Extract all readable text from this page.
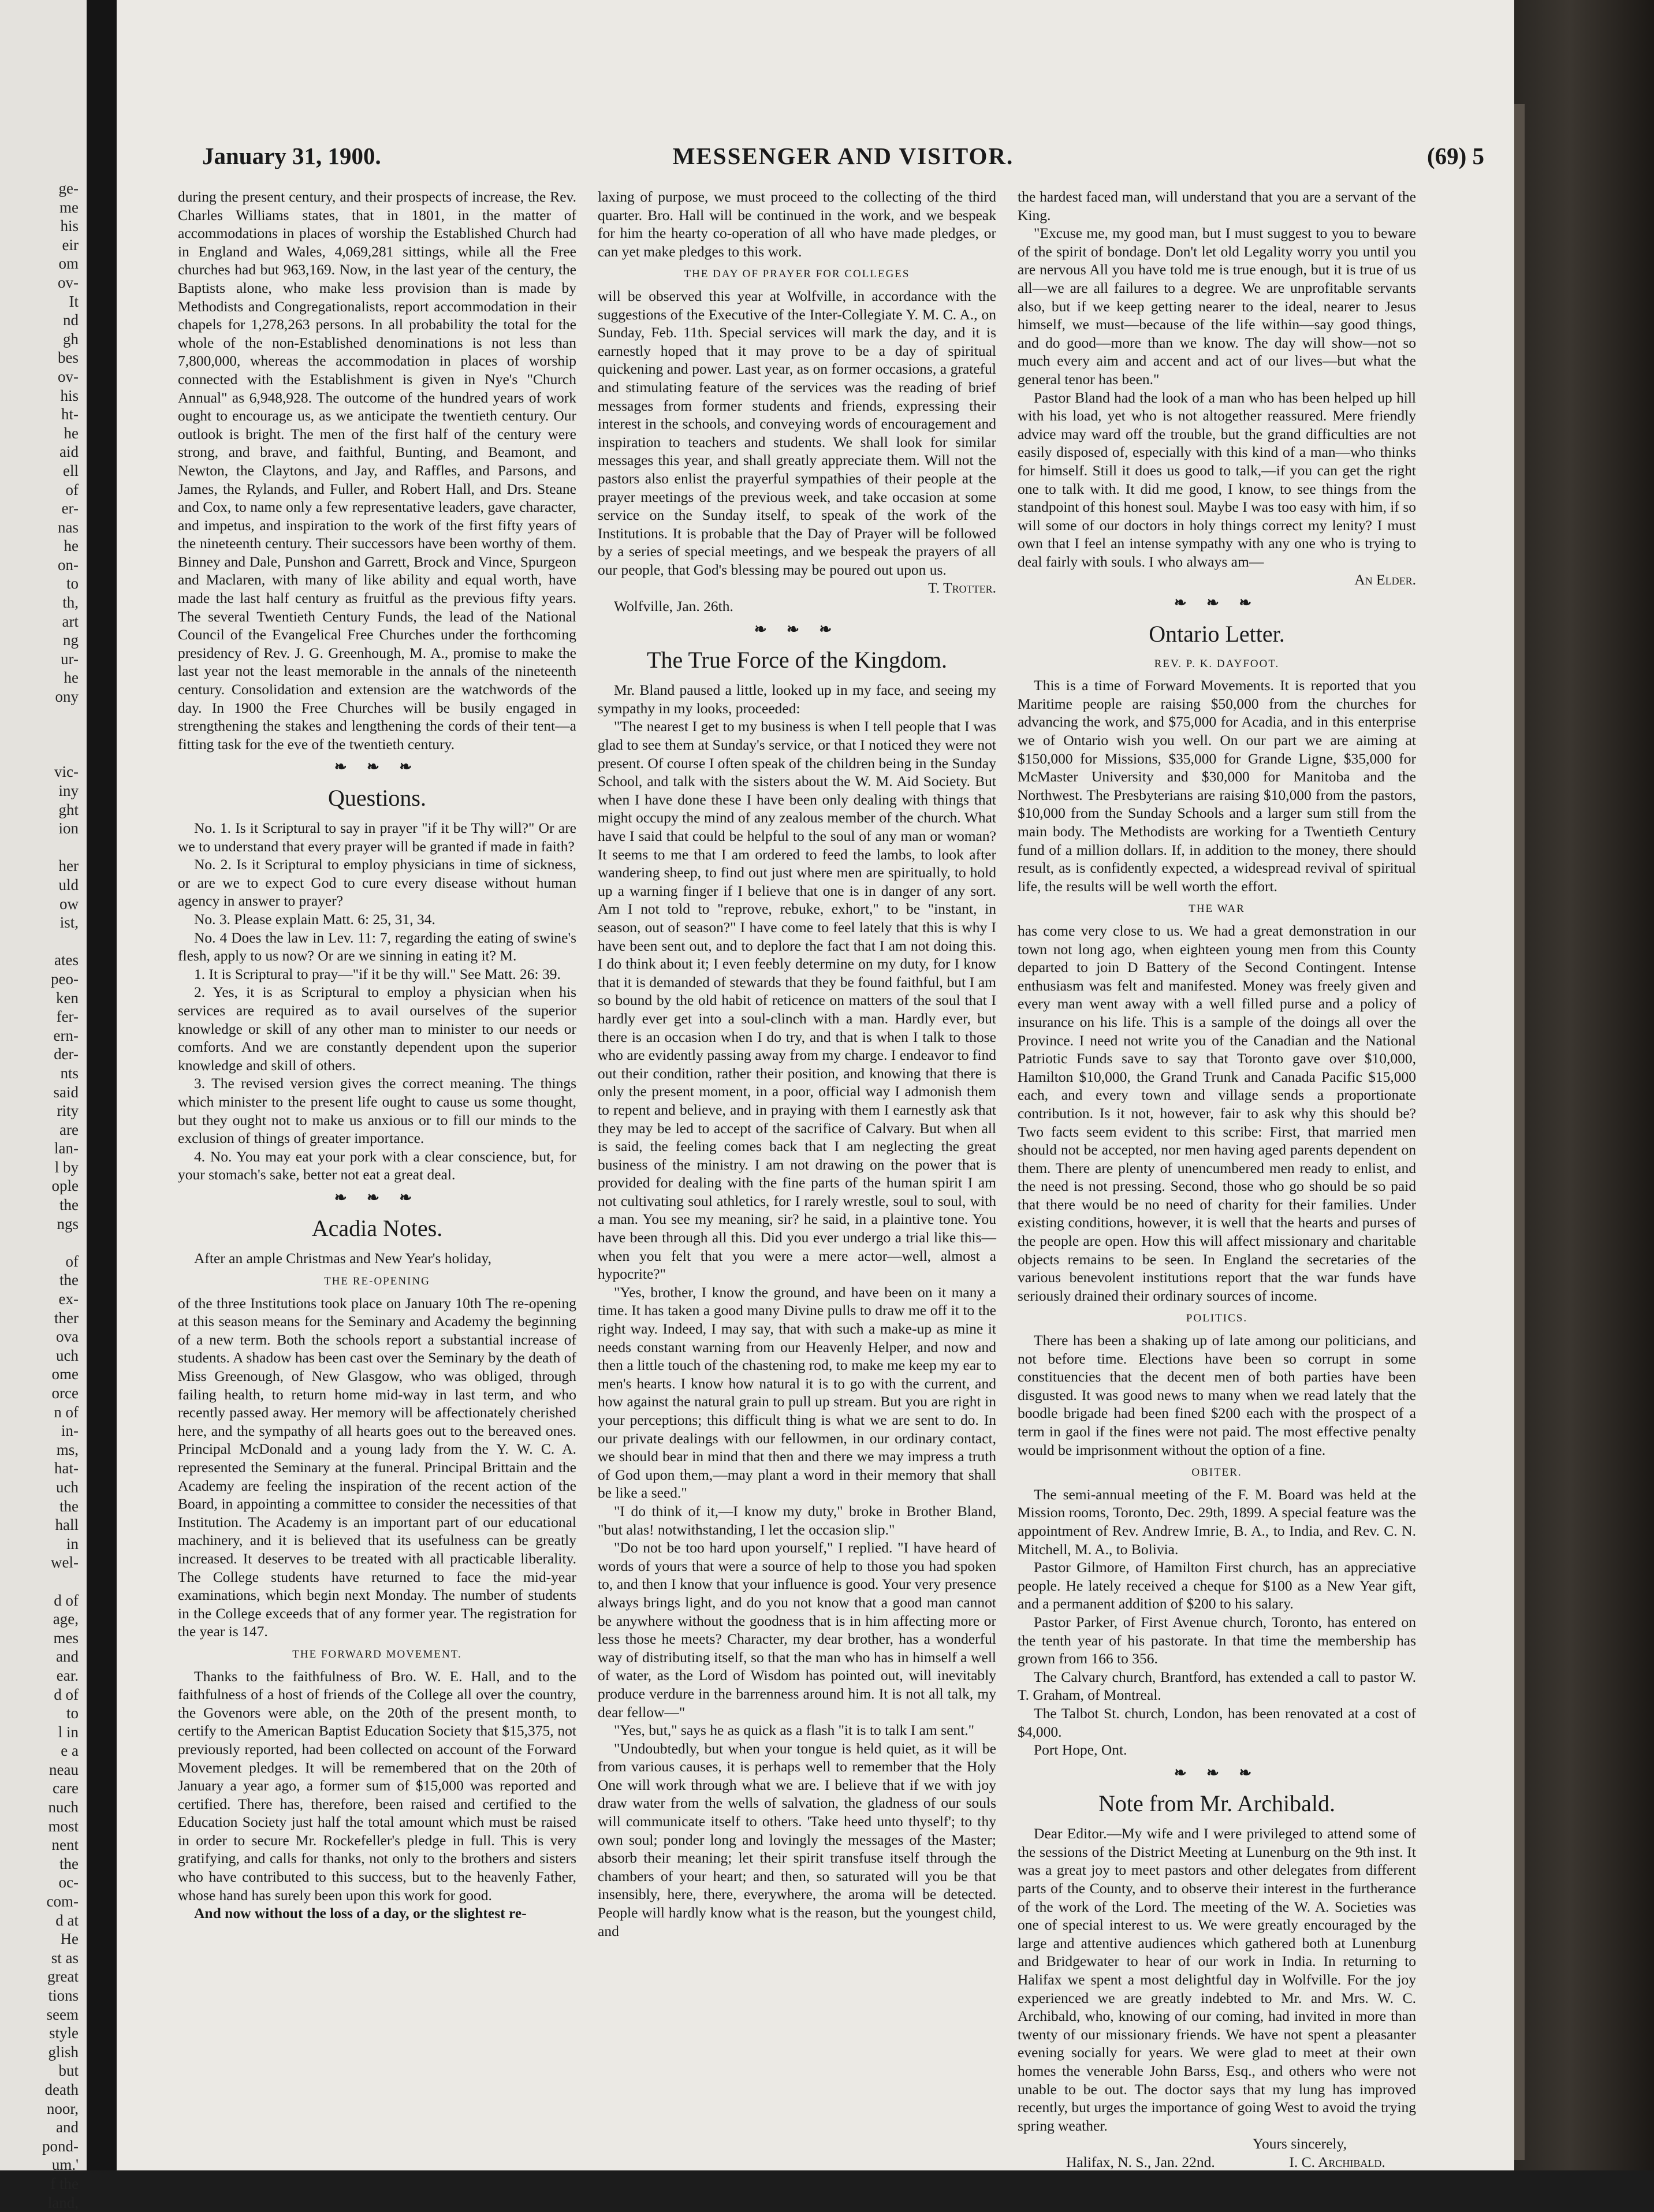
ge-
me
his
eir
om
ov-
It
nd
gh
bes
ov-
his
ht-
he
aid
ell
of
er-
nas
he
on-
to
th,
art
ng
ur-
he
ony

vic-
iny
ght
ion

her
uld
ow
ist,

ates
peo-
ken
fer-
ern-
der-
nts
said
rity
are
lan-
l by
ople
the
ngs

of
the
ex-
ther
ova
uch
ome
orce
n of
in-
ms,
hat-
uch
the
hall
in
wel-

d of
age,
mes
and
ear.
d of
to
l in
e a
neau
care
nuch
most
nent
the
oc-
com-
d at
He
st as
great
tions
seem
style
glish
but
death
noor,
and
pond-
um.'
f the
land,
January 31, 1900.	MESSENGER AND VISITOR.	(69) 5

during the present century, and their prospects of increase, the Rev. Charles Williams states, that in 1801, in the matter of accommodations in places of worship the Established Church had in England and Wales, 4,069,281 sittings, while all the Free churches had but 963,169. Now, in the last year of the century, the Baptists alone, who make less provision than is made by Methodists and Congregationalists, report accommodation in their chapels for 1,278,263 persons. In all probability the total for the whole of the non-Established denominations is not less than 7,800,000, whereas the accommodation in places of worship connected with the Establishment is given in Nye's "Church Annual" as 6,948,928. The outcome of the hundred years of work ought to encourage us, as we anticipate the twentieth century. Our outlook is bright. The men of the first half of the century were strong, and brave, and faithful, Bunting, and Beamont, and Newton, the Claytons, and Jay, and Raffles, and Parsons, and James, the Rylands, and Fuller, and Robert Hall, and Drs. Steane and Cox, to name only a few representative leaders, gave character, and impetus, and inspiration to the work of the first fifty years of the nineteenth century. Their successors have been worthy of them. Binney and Dale, Punshon and Garrett, Brock and Vince, Spurgeon and Maclaren, with many of like ability and equal worth, have made the last half century as fruitful as the previous fifty years. The several Twentieth Century Funds, the lead of the National Council of the Evangelical Free Churches under the forthcoming presidency of Rev. J. G. Greenhough, M. A., promise to make the last year not the least memorable in the annals of the nineteenth century. Consolidation and extension are the watchwords of the day. In 1900 the Free Churches will be busily engaged in strengthening the stakes and lengthening the cords of their tent—a fitting task for the eve of the twentieth century.

❧ ❧ ❧

Questions.

No. 1. Is it Scriptural to say in prayer "if it be Thy will?" Or are we to understand that every prayer will be granted if made in faith?

No. 2. Is it Scriptural to employ physicians in time of sickness, or are we to expect God to cure every disease without human agency in answer to prayer?

No. 3. Please explain Matt. 6: 25, 31, 34.

No. 4 Does the law in Lev. 11: 7, regarding the eating of swine's flesh, apply to us now? Or are we sinning in eating it? M.

1. It is Scriptural to pray—"if it be thy will." See Matt. 26: 39.

2. Yes, it is as Scriptural to employ a physician when his services are required as to avail ourselves of the superior knowledge or skill of any other man to minister to our needs or comforts. And we are constantly dependent upon the superior knowledge and skill of others.

3. The revised version gives the correct meaning. The things which minister to the present life ought to cause us some thought, but they ought not to make us anxious or to fill our minds to the exclusion of things of greater importance.

4. No. You may eat your pork with a clear conscience, but, for your stomach's sake, better not eat a great deal.

❧ ❧ ❧

Acadia Notes.

After an ample Christmas and New Year's holiday,

THE RE-OPENING

of the three Institutions took place on January 10th The re-opening at this season means for the Seminary and Academy the beginning of a new term. Both the schools report a substantial increase of students. A shadow has been cast over the Seminary by the death of Miss Greenough, of New Glasgow, who was obliged, through failing health, to return home mid-way in last term, and who recently passed away. Her memory will be affectionately cherished here, and the sympathy of all hearts goes out to the bereaved ones. Principal McDonald and a young lady from the Y. W. C. A. represented the Seminary at the funeral. Principal Brittain and the Academy are feeling the inspiration of the recent action of the Board, in appointing a committee to consider the necessities of that Institution. The Academy is an important part of our educational machinery, and it is believed that its usefulness can be greatly increased. It deserves to be treated with all practicable liberality. The College students have returned to face the mid-year examinations, which begin next Monday. The number of students in the College exceeds that of any former year. The registration for the year is 147.

THE FORWARD MOVEMENT.

Thanks to the faithfulness of Bro. W. E. Hall, and to the faithfulness of a host of friends of the College all over the country, the Govenors were able, on the 20th of the present month, to certify to the American Baptist Education Society that $15,375, not previously reported, had been collected on account of the Forward Movement pledges. It will be remembered that on the 20th of January a year ago, a former sum of $15,000 was reported and certified. There has, therefore, been raised and certified to the Education Society just half the total amount which must be raised in order to secure Mr. Rockefeller's pledge in full. This is very gratifying, and calls for thanks, not only to the brothers and sisters who have contributed to this success, but to the heavenly Father, whose hand has surely been upon this work for good.

And now without the loss of a day, or the slightest re-

laxing of purpose, we must proceed to the collecting of the third quarter. Bro. Hall will be continued in the work, and we bespeak for him the hearty co-operation of all who have made pledges, or can yet make pledges to this work.

THE DAY OF PRAYER FOR COLLEGES

will be observed this year at Wolfville, in accordance with the suggestions of the Executive of the Inter-Collegiate Y. M. C. A., on Sunday, Feb. 11th. Special services will mark the day, and it is earnestly hoped that it may prove to be a day of spiritual quickening and power. Last year, as on former occasions, a grateful and stimulating feature of the services was the reading of brief messages from former students and friends, expressing their interest in the schools, and conveying words of encouragement and inspiration to teachers and students. We shall look for similar messages this year, and shall greatly appreciate them. Will not the pastors also enlist the prayerful sympathies of their people at the prayer meetings of the previous week, and take occasion at some service on the Sunday itself, to speak of the work of the Institutions. It is probable that the Day of Prayer will be followed by a series of special meetings, and we bespeak the prayers of all our people, that God's blessing may be poured out upon us.

T. Trotter.

Wolfville, Jan. 26th.

❧ ❧ ❧

The True Force of the Kingdom.

Mr. Bland paused a little, looked up in my face, and seeing my sympathy in my looks, proceeded:

"The nearest I get to my business is when I tell people that I was glad to see them at Sunday's service, or that I noticed they were not present. Of course I often speak of the children being in the Sunday School, and talk with the sisters about the W. M. Aid Society. But when I have done these I have been only dealing with things that might occupy the mind of any zealous member of the church. What have I said that could be helpful to the soul of any man or woman? It seems to me that I am ordered to feed the lambs, to look after wandering sheep, to find out just where men are spiritually, to hold up a warning finger if I believe that one is in danger of any sort. Am I not told to "reprove, rebuke, exhort," to be "instant, in season, out of season?" I have come to feel lately that this is why I have been sent out, and to deplore the fact that I am not doing this. I do think about it; I even feebly determine on my duty, for I know that it is demanded of stewards that they be found faithful, but I am so bound by the old habit of reticence on matters of the soul that I hardly ever get into a soul-clinch with a man. Hardly ever, but there is an occasion when I do try, and that is when I talk to those who are evidently passing away from my charge. I endeavor to find out their condition, rather their position, and knowing that there is only the present moment, in a poor, official way I admonish them to repent and believe, and in praying with them I earnestly ask that they may be led to accept of the sacrifice of Calvary. But when all is said, the feeling comes back that I am neglecting the great business of the ministry. I am not drawing on the power that is provided for dealing with the fine parts of the human spirit I am not cultivating soul athletics, for I rarely wrestle, soul to soul, with a man. You see my meaning, sir? he said, in a plaintive tone. You have been through all this. Did you ever undergo a trial like this—when you felt that you were a mere actor—well, almost a hypocrite?"

"Yes, brother, I know the ground, and have been on it many a time. It has taken a good many Divine pulls to draw me off it to the right way. Indeed, I may say, that with such a make-up as mine it needs constant warning from our Heavenly Helper, and now and then a little touch of the chastening rod, to make me keep my ear to men's hearts. I know how natural it is to go with the current, and how against the natural grain to pull up stream. But you are right in your perceptions; this difficult thing is what we are sent to do. In our private dealings with our fellowmen, in our ordinary contact, we should bear in mind that then and there we may impress a truth of God upon them,—may plant a word in their memory that shall be like a seed."

"I do think of it,—I know my duty," broke in Brother Bland, "but alas! notwithstanding, I let the occasion slip."

"Do not be too hard upon yourself," I replied. "I have heard of words of yours that were a source of help to those you had spoken to, and then I know that your influence is good. Your very presence always brings light, and do you not know that a good man cannot be anywhere without the goodness that is in him affecting more or less those he meets? Character, my dear brother, has a wonderful way of distributing itself, so that the man who has in himself a well of water, as the Lord of Wisdom has pointed out, will inevitably produce verdure in the barrenness around him. It is not all talk, my dear fellow—"

"Yes, but," says he as quick as a flash "it is to talk I am sent."

"Undoubtedly, but when your tongue is held quiet, as it will be from various causes, it is perhaps well to remember that the Holy One will work through what we are. I believe that if we with joy draw water from the wells of salvation, the gladness of our souls will communicate itself to others. 'Take heed unto thyself'; to thy own soul; ponder long and lovingly the messages of the Master; absorb their meaning; let their spirit transfuse itself through the chambers of your heart; and then, so saturated will you be that insensibly, here, there, everywhere, the aroma will be detected. People will hardly know what is the reason, but the youngest child, and

the hardest faced man, will understand that you are a servant of the King.

"Excuse me, my good man, but I must suggest to you to beware of the spirit of bondage. Don't let old Legality worry you until you are nervous All you have told me is true enough, but it is true of us all—we are all failures to a degree. We are unprofitable servants also, but if we keep getting nearer to the ideal, nearer to Jesus himself, we must—because of the life within—say good things, and do good—more than we know. The day will show—not so much every aim and accent and act of our lives—but what the general tenor has been."

Pastor Bland had the look of a man who has been helped up hill with his load, yet who is not altogether reassured. Mere friendly advice may ward off the trouble, but the grand difficulties are not easily disposed of, especially with this kind of a man—who thinks for himself. Still it does us good to talk,—if you can get the right one to talk with. It did me good, I know, to see things from the standpoint of this honest soul. Maybe I was too easy with him, if so will some of our doctors in holy things correct my lenity? I must own that I feel an intense sympathy with any one who is trying to deal fairly with souls. I who always am—

An Elder.

❧ ❧ ❧

Ontario Letter.

REV. P. K. DAYFOOT.

This is a time of Forward Movements. It is reported that you Maritime people are raising $50,000 from the churches for advancing the work, and $75,000 for Acadia, and in this enterprise we of Ontario wish you well. On our part we are aiming at $150,000 for Missions, $35,000 for Grande Ligne, $35,000 for McMaster University and $30,000 for Manitoba and the Northwest. The Presbyterians are raising $10,000 from the pastors, $10,000 from the Sunday Schools and a larger sum still from the main body. The Methodists are working for a Twentieth Century fund of a million dollars. If, in addition to the money, there should result, as is confidently expected, a widespread revival of spiritual life, the results will be well worth the effort.

THE WAR

has come very close to us. We had a great demonstration in our town not long ago, when eighteen young men from this County departed to join D Battery of the Second Contingent. Intense enthusiasm was felt and manifested. Money was freely given and every man went away with a well filled purse and a policy of insurance on his life. This is a sample of the doings all over the Province. I need not write you of the Canadian and the National Patriotic Funds save to say that Toronto gave over $10,000, Hamilton $10,000, the Grand Trunk and Canada Pacific $15,000 each, and every town and village sends a proportionate contribution. Is it not, however, fair to ask why this should be? Two facts seem evident to this scribe: First, that married men should not be accepted, nor men having aged parents dependent on them. There are plenty of unencumbered men ready to enlist, and the need is not pressing. Second, those who go should be so paid that there would be no need of charity for their families. Under existing conditions, however, it is well that the hearts and purses of the people are open. How this will affect missionary and charitable objects remains to be seen. In England the secretaries of the various benevolent institutions report that the war funds have seriously drained their ordinary sources of income.

POLITICS.

There has been a shaking up of late among our politicians, and not before time. Elections have been so corrupt in some constituencies that the decent men of both parties have been disgusted. It was good news to many when we read lately that the boodle brigade had been fined $200 each with the prospect of a term in gaol if the fines were not paid. The most effective penalty would be imprisonment without the option of a fine.

OBITER.

The semi-annual meeting of the F. M. Board was held at the Mission rooms, Toronto, Dec. 29th, 1899. A special feature was the appointment of Rev. Andrew Imrie, B. A., to India, and Rev. C. N. Mitchell, M. A., to Bolivia.

Pastor Gilmore, of Hamilton First church, has an appreciative people. He lately received a cheque for $100 as a New Year gift, and a permanent addition of $200 to his salary.

Pastor Parker, of First Avenue church, Toronto, has entered on the tenth year of his pastorate. In that time the membership has grown from 166 to 356.

The Calvary church, Brantford, has extended a call to pastor W. T. Graham, of Montreal.

The Talbot St. church, London, has been renovated at a cost of $4,000.

Port Hope, Ont.

❧ ❧ ❧

Note from Mr. Archibald.

Dear Editor.—My wife and I were privileged to attend some of the sessions of the District Meeting at Lunenburg on the 9th inst. It was a great joy to meet pastors and other delegates from different parts of the County, and to observe their interest in the furtherance of the work of the Lord. The meeting of the W. A. Societies was one of special interest to us. We were greatly encouraged by the large and attentive audiences which gathered both at Lunenburg and Bridgewater to hear of our work in India. In returning to Halifax we spent a most delightful day in Wolfville. For the joy experienced we are greatly indebted to Mr. and Mrs. W. C. Archibald, who, knowing of our coming, had invited in more than twenty of our missionary friends. We have not spent a pleasanter evening socially for years. We were glad to meet at their own homes the venerable John Barss, Esq., and others who were not unable to be out. The doctor says that my lung has improved recently, but urges the importance of going West to avoid the trying spring weather.

Yours sincerely,

Halifax, N. S., Jan. 22nd.	I. C. Archibald.
